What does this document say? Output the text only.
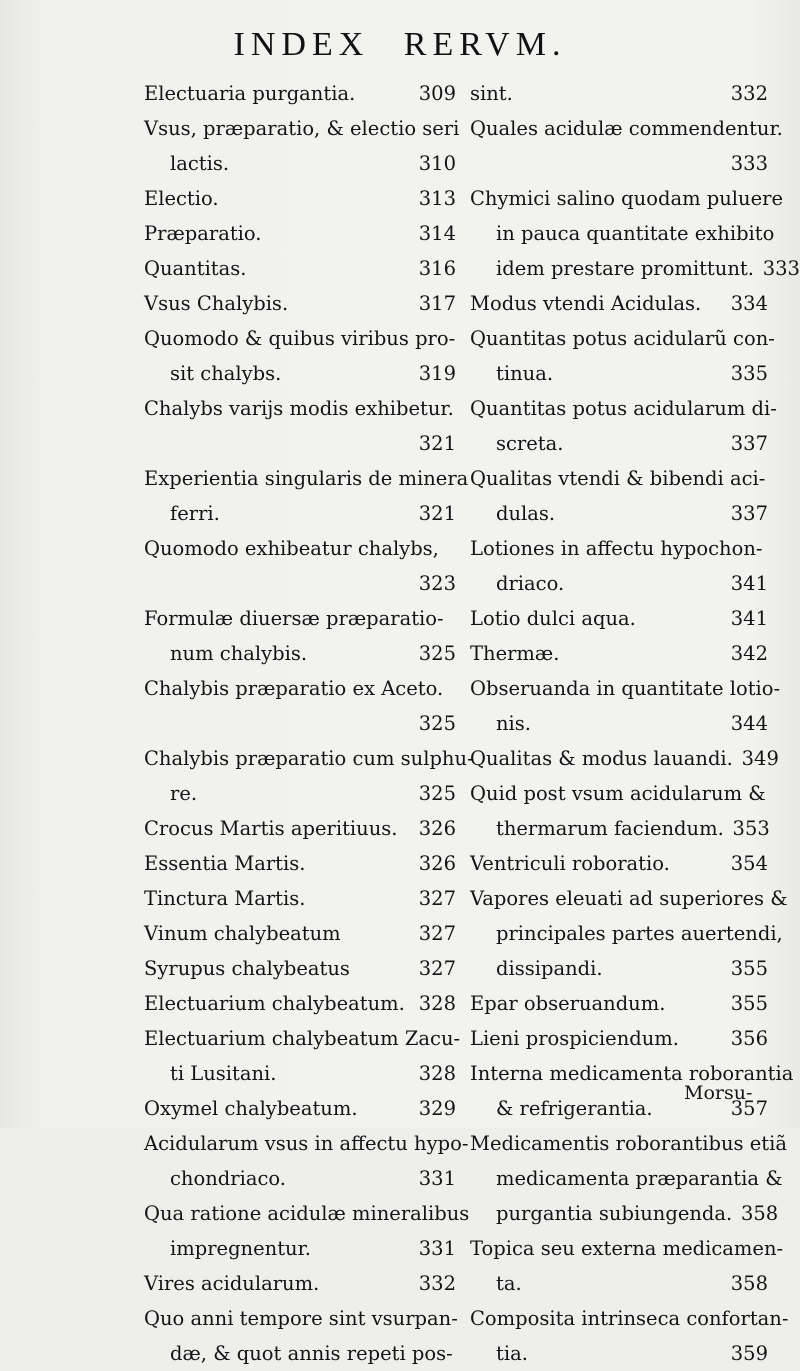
INDEX RERVM.
Electuaria purgantia.	309
Vsus, præparatio, & electio seri
lactis.	310
Electio.	313
Præparatio.	314
Quantitas.	316
Vsus Chalybis.	317
Quomodo & quibus viribus pro-
sit chalybs.	319
Chalybs varijs modis exhibetur.
321
Experientia singularis de minera
ferri.	321
Quomodo exhibeatur chalybs,
323
Formulæ diuersæ præparatio-
num chalybis.	325
Chalybis præparatio ex Aceto.
325
Chalybis præparatio cum sulphu-
re.	325
Crocus Martis aperitiuus.	326
Essentia Martis.	326
Tinctura Martis.	327
Vinum chalybeatum	327
Syrupus chalybeatus	327
Electuarium chalybeatum. 328
Electuarium chalybeatum Zacu-
ti Lusitani.	328
Oxymel chalybeatum.	329
Acidularum vsus in affectu hypo-
chondriaco.	331
Qua ratione acidulæ mineralibus
impregnentur.	331
Vires acidularum.	332
Quo anni tempore sint vsurpan-
dæ, & quot annis repeti pos-
sint.	332
Quales acidulæ commendentur.
333
Chymici salino quodam puluere
in pauca quantitate exhibito
idem prestare promittunt. 333
Modus vtendi Acidulas.	334
Quantitas potus acidularũ con-
tinua.	335
Quantitas potus acidularum di-
screta.	337
Qualitas vtendi & bibendi aci-
dulas.	337
Lotiones in affectu hypochon-
driaco.	341
Lotio dulci aqua.	341
Thermæ.	342
Obseruanda in quantitate lotio-
nis.	344
Qualitas & modus lauandi. 349
Quid post vsum acidularum &
thermarum faciendum. 353
Ventriculi roboratio.	354
Vapores eleuati ad superiores &
principales partes auertendi,
dissipandi.	355
Epar obseruandum.	355
Lieni prospiciendum.	356
Interna medicamenta roborantia
& refrigerantia.	357
Medicamentis roborantibus etiã
medicamenta præparantia &
purgantia subiungenda. 358
Topica seu externa medicamen-
ta.	358
Composita intrinseca confortan-
tia.	359
Morsu-
